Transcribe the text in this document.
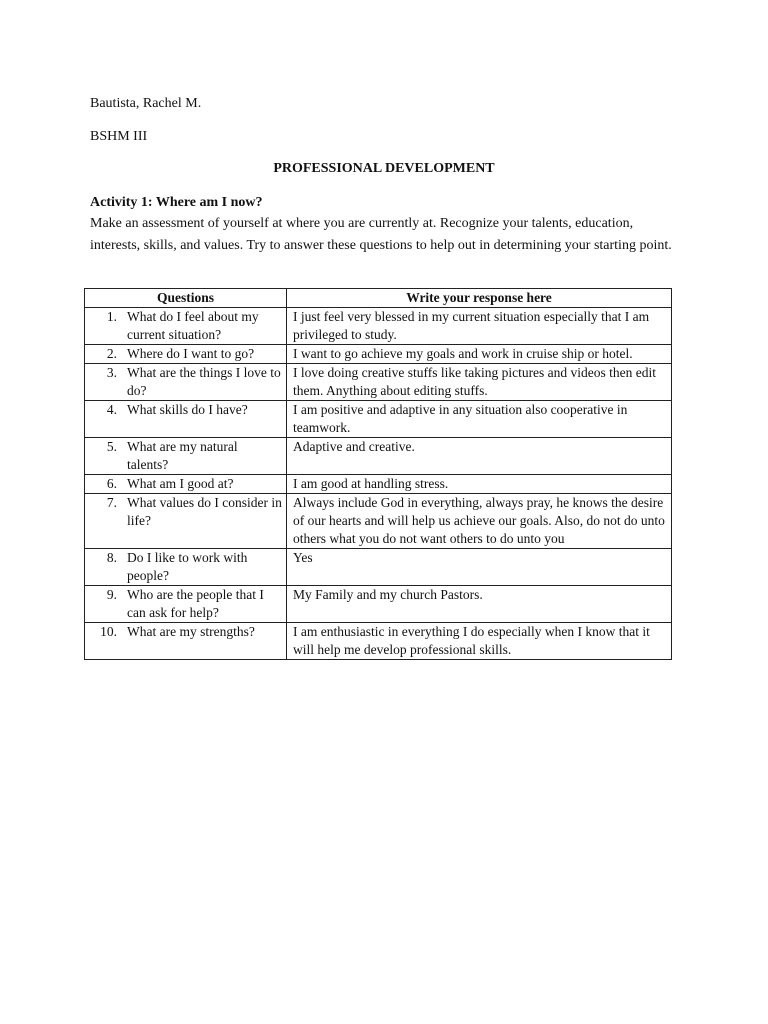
Bautista, Rachel M.
BSHM III
PROFESSIONAL DEVELOPMENT
Activity 1: Where am I now?
Make an assessment of yourself at where you are currently at. Recognize your talents, education, interests, skills, and values. Try to answer these questions to help out in determining your starting point.
Questions	Write your response here

1. What do I feel about my current situation?	I just feel very blessed in my current situation especially that I am privileged to study.

2. Where do I want to go?	I want to go achieve my goals and work in cruise ship or hotel.

3. What are the things I love to do?	I love doing creative stuffs like taking pictures and videos then edit them. Anything about editing stuffs.

4. What skills do I have?	I am positive and adaptive in any situation also cooperative in teamwork.

5. What are my natural talents?	Adaptive and creative.

6. What am I good at?	I am good at handling stress.

7. What values do I consider in life?	Always include God in everything, always pray, he knows the desire of our hearts and will help us achieve our goals. Also, do not do unto others what you do not want others to do unto you

8. Do I like to work with people?	Yes

9. Who are the people that I can ask for help?	My Family and my church Pastors.

10. What are my strengths?	I am enthusiastic in everything I do especially when I know that it will help me develop professional skills.
